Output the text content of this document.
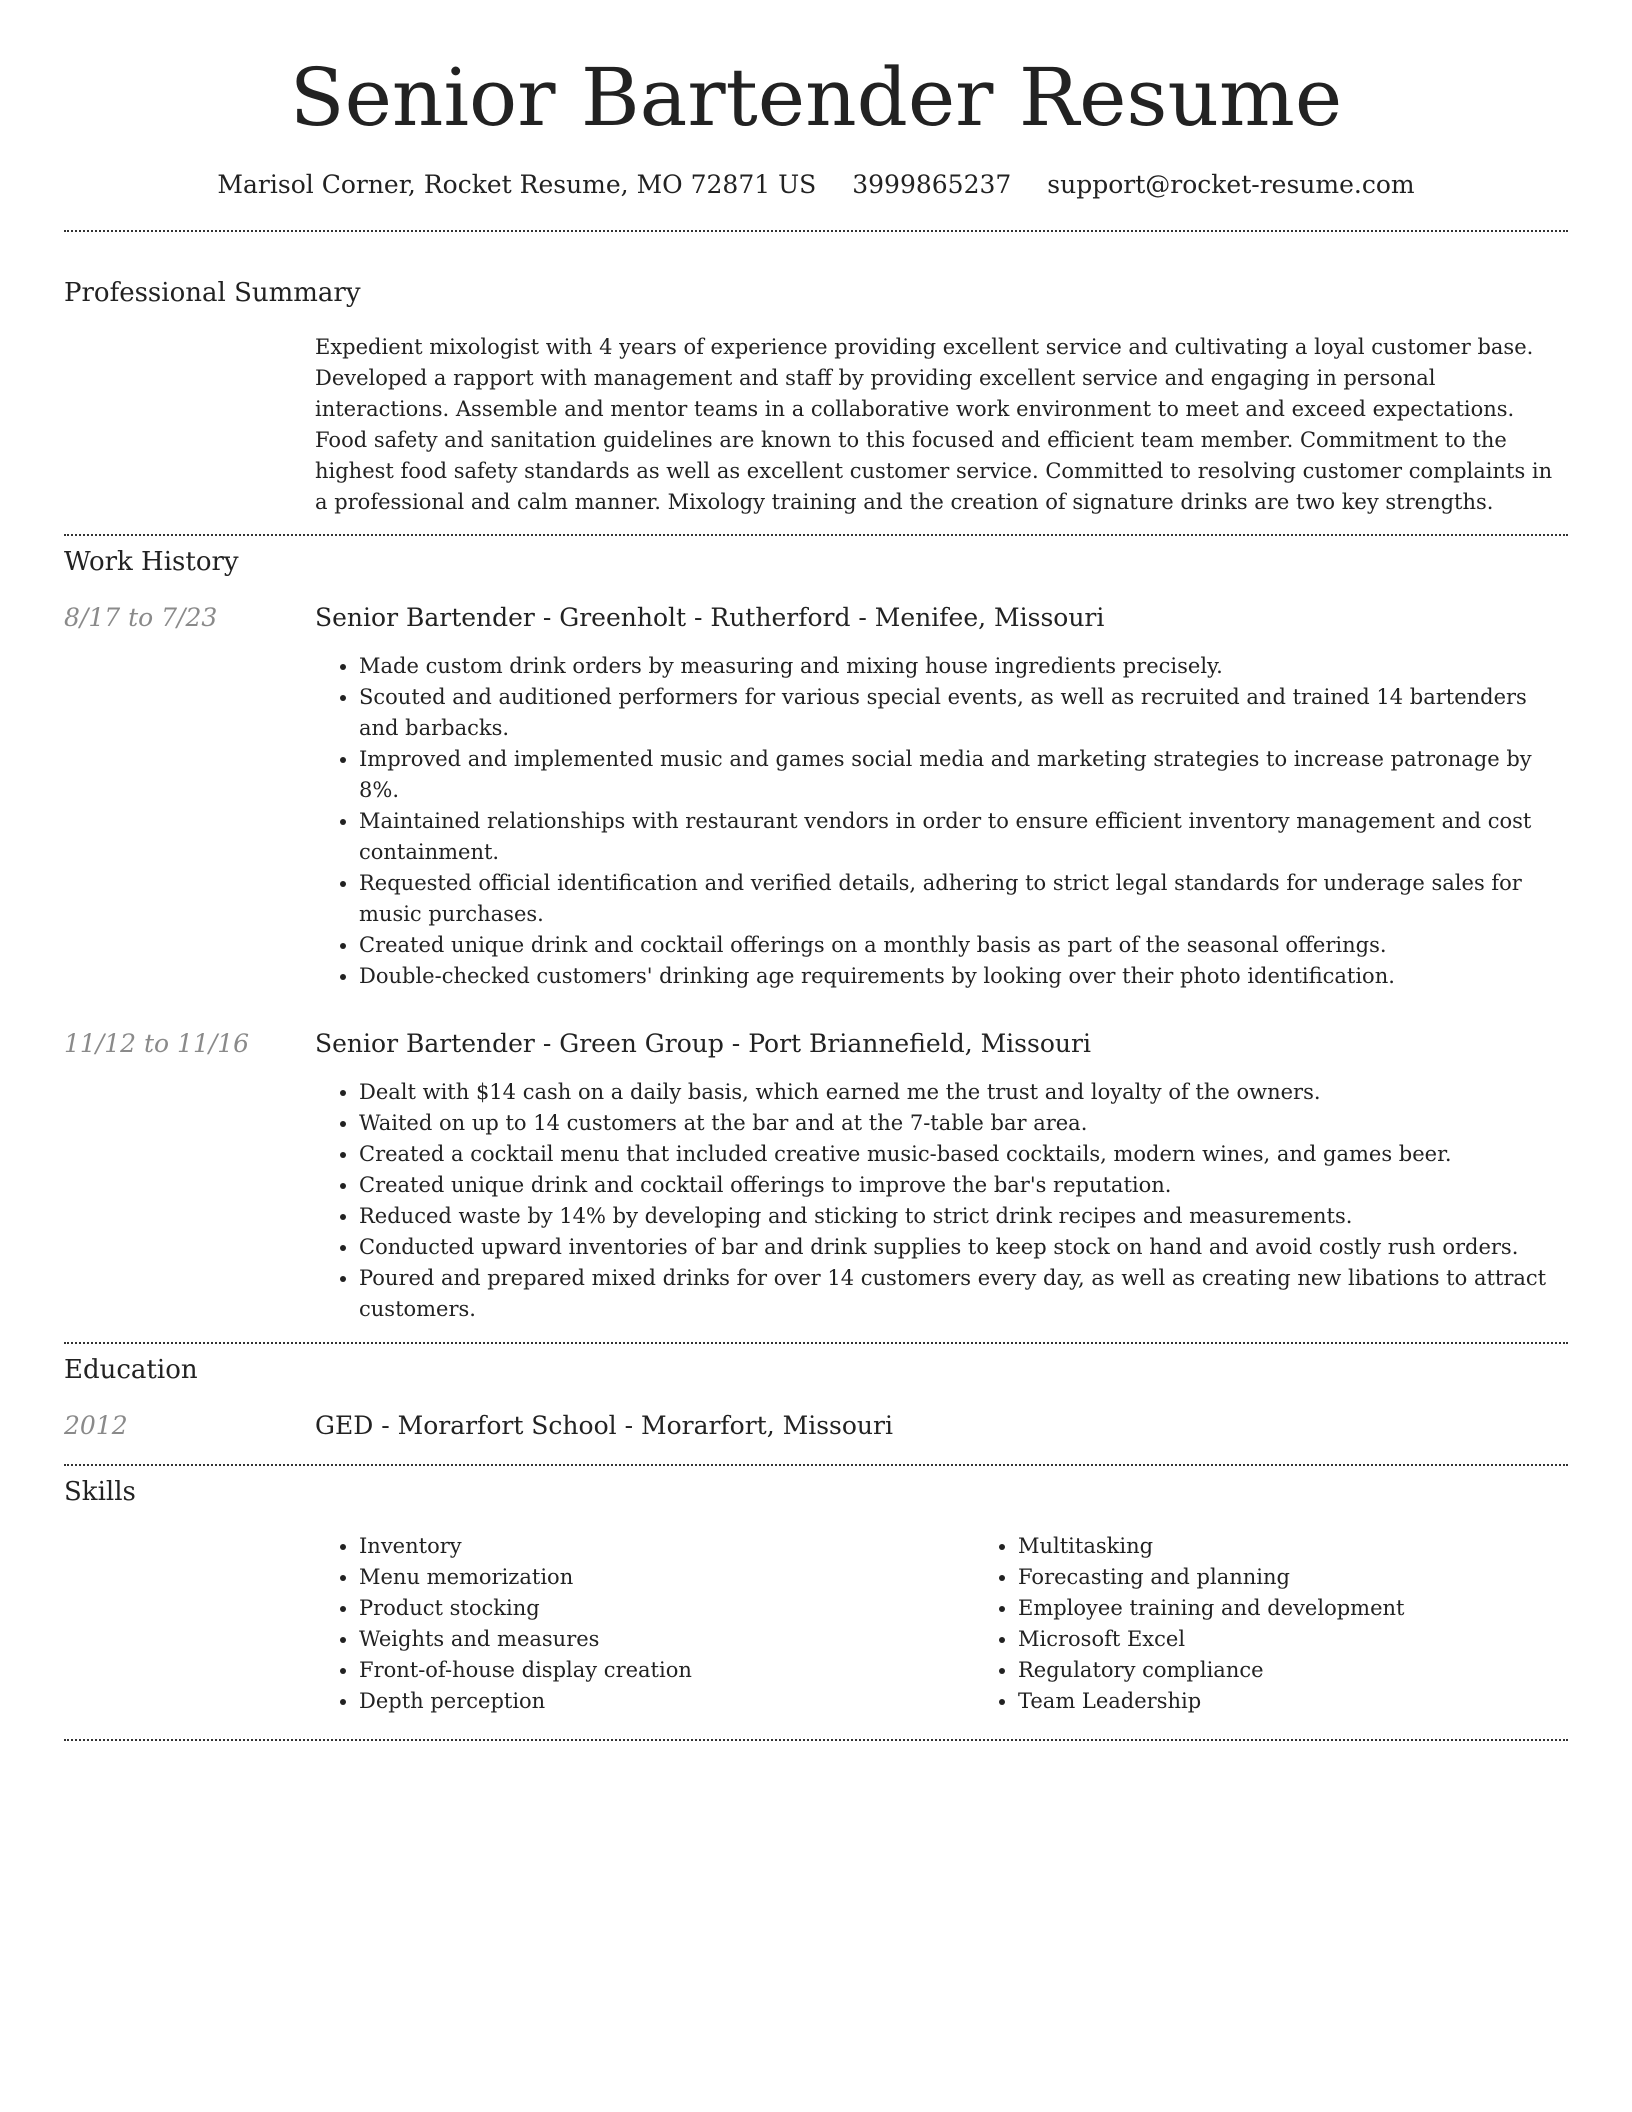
Senior Bartender Resume
Marisol Corner, Rocket Resume, MO 72871 US 3999865237 support@rocket-resume.com
Professional Summary

Expedient mixologist with 4 years of experience providing excellent service and cultivating a loyal customer base. Developed a rapport with management and staff by providing excellent service and engaging in personal interactions. Assemble and mentor teams in a collaborative work environment to meet and exceed expectations. Food safety and sanitation guidelines are known to this focused and efficient team member. Commitment to the highest food safety standards as well as excellent customer service. Committed to resolving customer complaints in a professional and calm manner. Mixology training and the creation of signature drinks are two key strengths.

Work History
8/17 to 7/23	Senior Bartender - Greenholt - Rutherford - Menifee, Missouri
• Made custom drink orders by measuring and mixing house ingredients precisely.
• Scouted and auditioned performers for various special events, as well as recruited and trained 14 bartenders and barbacks.
• Improved and implemented music and games social media and marketing strategies to increase patronage by 8%.
• Maintained relationships with restaurant vendors in order to ensure efficient inventory management and cost containment.
• Requested official identification and verified details, adhering to strict legal standards for underage sales for music purchases.
• Created unique drink and cocktail offerings on a monthly basis as part of the seasonal offerings.
• Double-checked customers' drinking age requirements by looking over their photo identification.
11/12 to 11/16	Senior Bartender - Green Group - Port Briannefield, Missouri
• Dealt with $14 cash on a daily basis, which earned me the trust and loyalty of the owners.
• Waited on up to 14 customers at the bar and at the 7-table bar area.
• Created a cocktail menu that included creative music-based cocktails, modern wines, and games beer.
• Created unique drink and cocktail offerings to improve the bar's reputation.
• Reduced waste by 14% by developing and sticking to strict drink recipes and measurements.
• Conducted upward inventories of bar and drink supplies to keep stock on hand and avoid costly rush orders.
• Poured and prepared mixed drinks for over 14 customers every day, as well as creating new libations to attract customers.
Education
2012	GED - Morarfort School - Morarfort, Missouri
Skills
• Inventory
• Menu memorization
• Product stocking
• Weights and measures
• Front-of-house display creation
• Depth perception
• Multitasking
• Forecasting and planning
• Employee training and development
• Microsoft Excel
• Regulatory compliance
• Team Leadership
